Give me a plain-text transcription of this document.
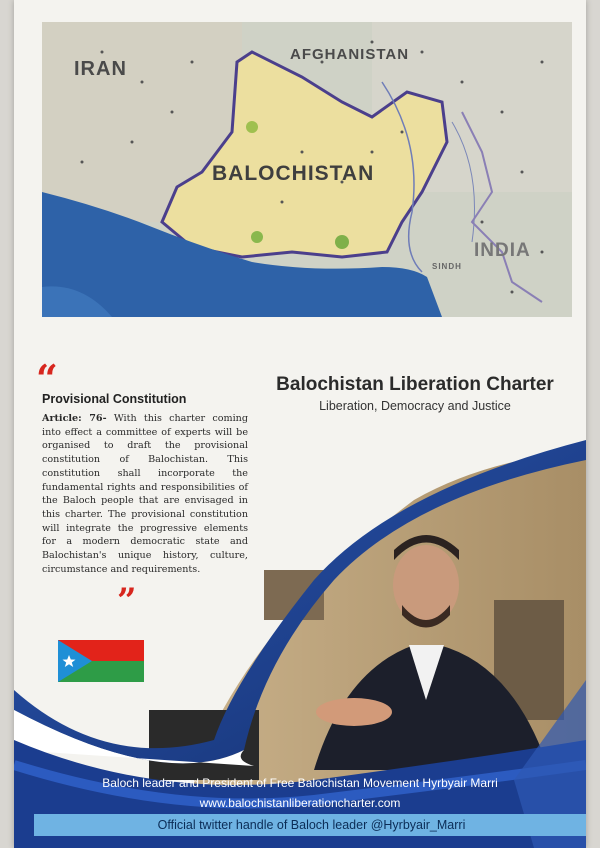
IRAN
AFGHANISTAN
BALOCHISTAN
INDIA
SINDH
“
Provisional Constitution
Article: 76- With this charter coming into effect a committee of experts will be organised to draft the provisional constitution of Balochistan. This constitution shall incorporate the fundamental rights and responsibilities of the Baloch people that are envisaged in this charter. The provisional constitution will integrate the progressive elements for a modern democratic state and Balochistan's unique history, culture, circumstance and requirements.
”
Balochistan Liberation Charter
Liberation, Democracy and Justice
Baloch leader and President of Free Balochistan Movement Hyrbyair Marri
www.balochistanliberationcharter.com
Official twitter handle of Baloch leader @Hyrbyair_Marri
